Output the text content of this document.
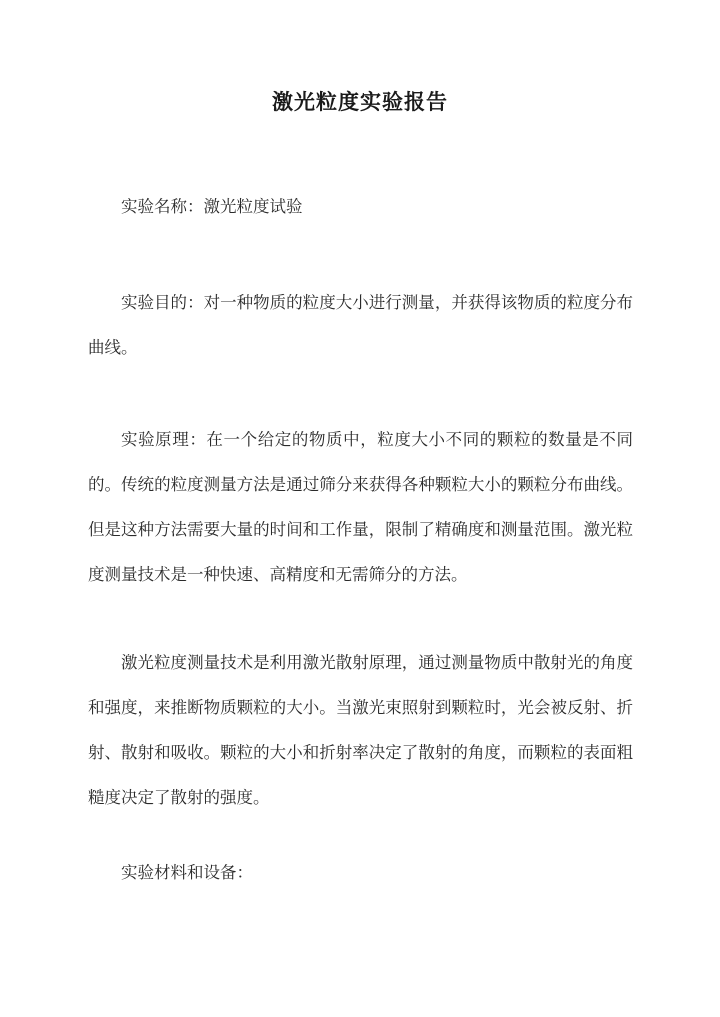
激光粒度实验报告
实验名称：激光粒度试验
实验目的：对一种物质的粒度大小进行测量，并获得该物质的粒度分布曲线。
实验原理：在一个给定的物质中，粒度大小不同的颗粒的数量是不同的。传统的粒度测量方法是通过筛分来获得各种颗粒大小的颗粒分布曲线。但是这种方法需要大量的时间和工作量，限制了精确度和测量范围。激光粒度测量技术是一种快速、高精度和无需筛分的方法。
激光粒度测量技术是利用激光散射原理，通过测量物质中散射光的角度和强度，来推断物质颗粒的大小。当激光束照射到颗粒时，光会被反射、折射、散射和吸收。颗粒的大小和折射率决定了散射的角度，而颗粒的表面粗糙度决定了散射的强度。
实验材料和设备：
